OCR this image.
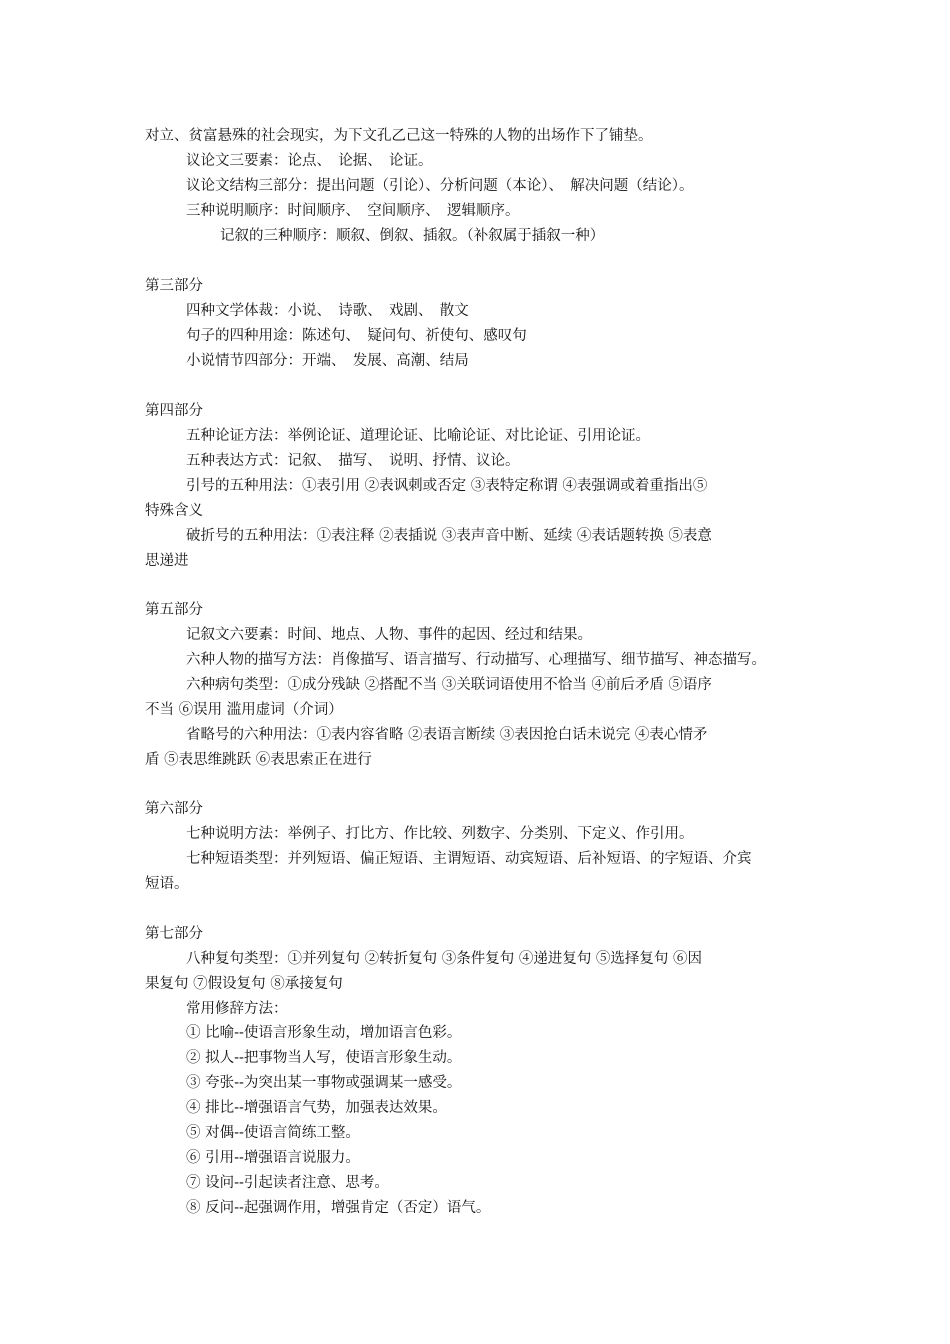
对立、贫富悬殊的社会现实，为下文孔乙己这一特殊的人物的出场作下了铺垫。
议论文三要素：论点、　论据、　论证。
议论文结构三部分：提出问题（引论）、分析问题（本论）、　解决问题（结论）。
三种说明顺序：时间顺序、　空间顺序、　逻辑顺序。
记叙的三种顺序：顺叙、倒叙、插叙。（补叙属于插叙一种）
第三部分
四种文学体裁：小说、　诗歌、　戏剧、　散文
句子的四种用途：陈述句、　疑问句、祈使句、感叹句
小说情节四部分：开端、　发展、高潮、结局
第四部分
五种论证方法：举例论证、道理论证、比喻论证、对比论证、引用论证。
五种表达方式：记叙、　描写、　说明、抒情、议论。
引号的五种用法：①表引用 ②表讽刺或否定 ③表特定称谓 ④表强调或着重指出⑤
特殊含义
破折号的五种用法：①表注释 ②表插说 ③表声音中断、延续 ④表话题转换 ⑤表意
思递进
第五部分
记叙文六要素：时间、地点、人物、事件的起因、经过和结果。
六种人物的描写方法：肖像描写、语言描写、行动描写、心理描写、细节描写、神态描写。
六种病句类型：①成分残缺 ②搭配不当 ③关联词语使用不恰当 ④前后矛盾 ⑤语序
不当 ⑥误用 滥用虚词（介词）
省略号的六种用法：①表内容省略 ②表语言断续 ③表因抢白话未说完 ④表心情矛
盾 ⑤表思维跳跃 ⑥表思索正在进行
第六部分
七种说明方法：举例子、打比方、作比较、列数字、分类别、下定义、作引用。
七种短语类型：并列短语、偏正短语、主谓短语、动宾短语、后补短语、的字短语、介宾
短语。
第七部分
八种复句类型：①并列复句 ②转折复句 ③条件复句 ④递进复句 ⑤选择复句 ⑥因
果复句 ⑦假设复句 ⑧承接复句
常用修辞方法：
① 比喻--使语言形象生动，增加语言色彩。
② 拟人--把事物当人写，使语言形象生动。
③ 夸张--为突出某一事物或强调某一感受。
④ 排比--增强语言气势，加强表达效果。
⑤ 对偶--使语言简练工整。
⑥ 引用--增强语言说服力。
⑦ 设问--引起读者注意、思考。
⑧ 反问--起强调作用，增强肯定（否定）语气。
